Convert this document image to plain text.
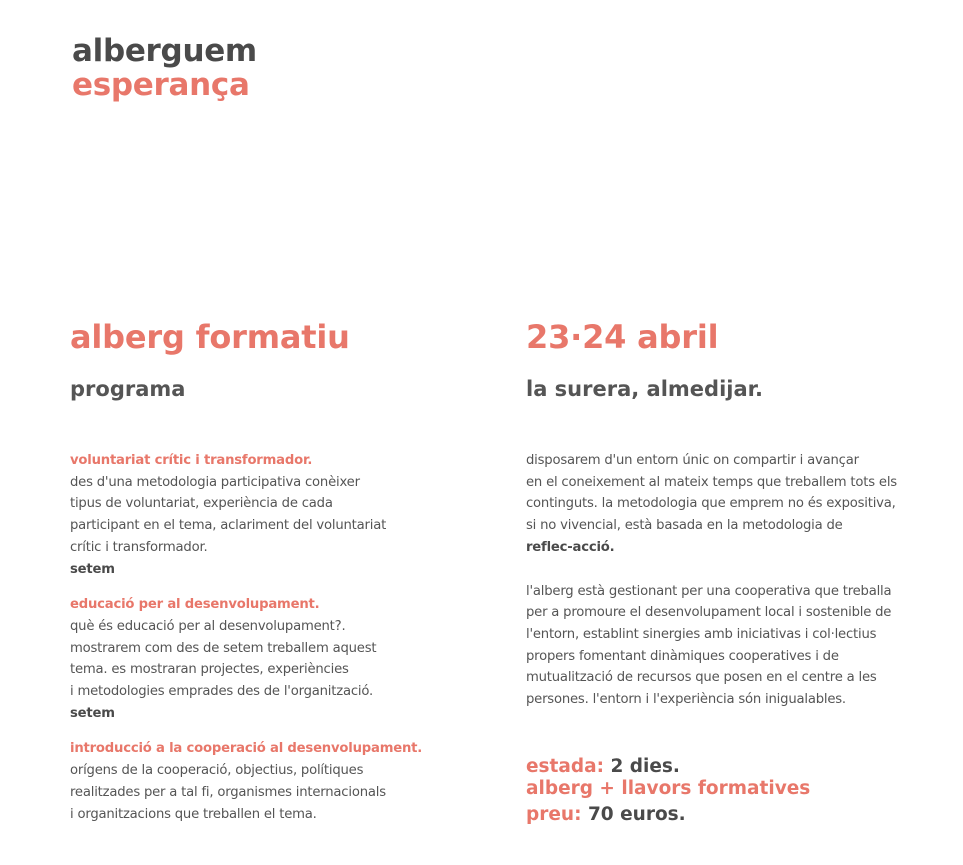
alberguem
esperança
alberg formatiu
programa
voluntariat crític i transformador.
des d'una metodologia participativa conèixer
tipus de voluntariat, experiència de cada
participant en el tema, aclariment del voluntariat
crític i transformador.
setem
educació per al desenvolupament.
què és educació per al desenvolupament?.
mostrarem com des de setem treballem aquest
tema. es mostraran projectes, experiències
i metodologies emprades des de l'organització.
setem
introducció a la cooperació al desenvolupament.
orígens de la cooperació, objectius, polítiques
realitzades per a tal fi, organismes internacionals
i organitzacions que treballen el tema.
23·24 abril
la surera, almedijar.
disposarem d'un entorn únic on compartir i avançar
en el coneixement al mateix temps que treballem tots els
continguts. la metodologia que emprem no és expositiva,
si no vivencial, està basada en la metodologia de
reflec-acció.
l'alberg està gestionant per una cooperativa que treballa
per a promoure el desenvolupament local i sostenible de
l'entorn, establint sinergies amb iniciativas i col·lectius
propers fomentant dinàmiques cooperatives i de
mutualització de recursos que posen en el centre a les
persones. l'entorn i l'experiència són inigualables.
estada: 2 dies.
alberg + llavors formatives
preu: 70 euros.
